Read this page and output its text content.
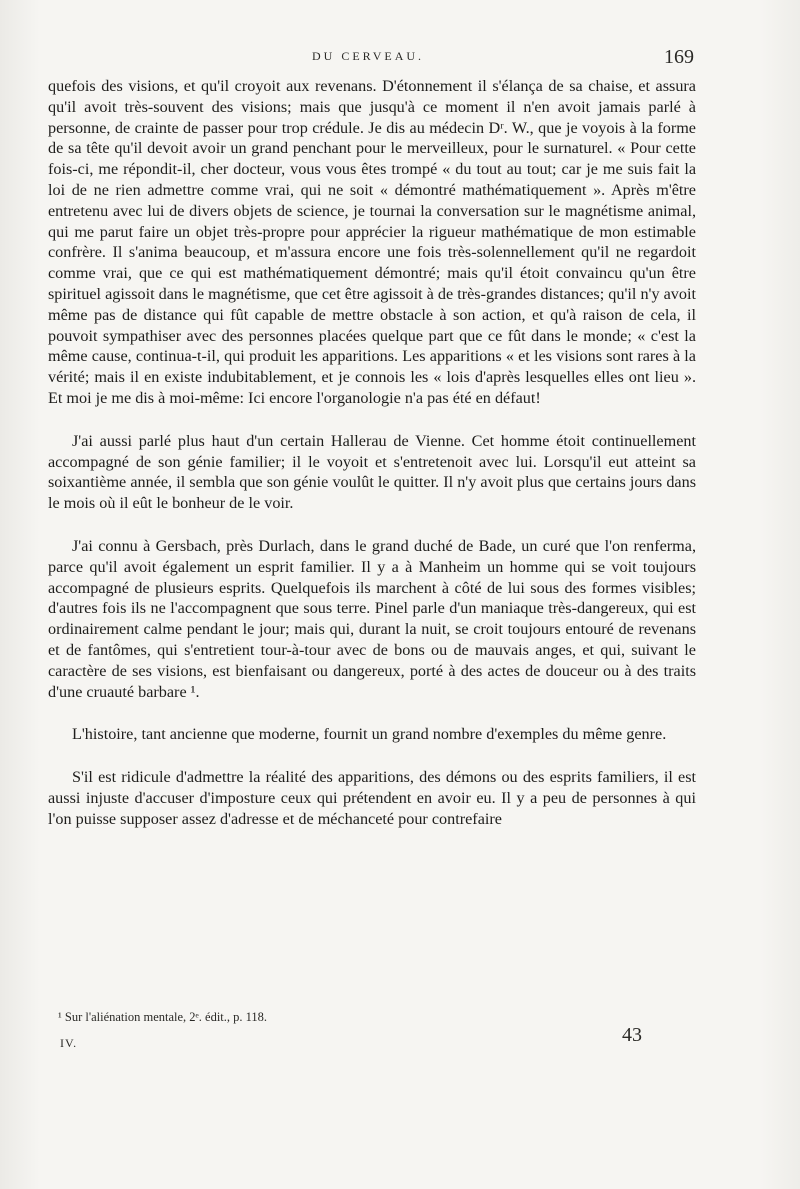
DU CERVEAU.	169

quefois des visions, et qu'il croyoit aux revenans. D'étonnement il s'élança de sa chaise, et assura qu'il avoit très-souvent des visions; mais que jusqu'à ce moment il n'en avoit jamais parlé à personne, de crainte de passer pour trop crédule. Je dis au médecin Dʳ. W., que je voyois à la forme de sa tête qu'il devoit avoir un grand penchant pour le merveilleux, pour le surnaturel. « Pour cette fois-ci, me répondit-il, cher docteur, vous vous êtes trompé « du tout au tout; car je me suis fait la loi de ne rien admettre comme vrai, qui ne soit « démontré mathématiquement ». Après m'être entretenu avec lui de divers objets de science, je tournai la conversation sur le magnétisme animal, qui me parut faire un objet très-propre pour apprécier la rigueur mathématique de mon estimable confrère. Il s'anima beaucoup, et m'assura encore une fois très-solennellement qu'il ne regardoit comme vrai, que ce qui est mathématiquement démontré; mais qu'il étoit convaincu qu'un être spirituel agissoit dans le magnétisme, que cet être agissoit à de très-grandes distances; qu'il n'y avoit même pas de distance qui fût capable de mettre obstacle à son action, et qu'à raison de cela, il pouvoit sympathiser avec des personnes placées quelque part que ce fût dans le monde; « c'est la même cause, continua-t-il, qui produit les apparitions. Les apparitions « et les visions sont rares à la vérité; mais il en existe indubitablement, et je connois les « lois d'après lesquelles elles ont lieu ». Et moi je me dis à moi-même: Ici encore l'organologie n'a pas été en défaut!

J'ai aussi parlé plus haut d'un certain Hallerau de Vienne. Cet homme étoit continuellement accompagné de son génie familier; il le voyoit et s'entretenoit avec lui. Lorsqu'il eut atteint sa soixantième année, il sembla que son génie voulût le quitter. Il n'y avoit plus que certains jours dans le mois où il eût le bonheur de le voir.

J'ai connu à Gersbach, près Durlach, dans le grand duché de Bade, un curé que l'on renferma, parce qu'il avoit également un esprit familier. Il y a à Manheim un homme qui se voit toujours accompagné de plusieurs esprits. Quelquefois ils marchent à côté de lui sous des formes visibles; d'autres fois ils ne l'accompagnent que sous terre. Pinel parle d'un maniaque très-dangereux, qui est ordinairement calme pendant le jour; mais qui, durant la nuit, se croit toujours entouré de revenans et de fantômes, qui s'entretient tour-à-tour avec de bons ou de mauvais anges, et qui, suivant le caractère de ses visions, est bienfaisant ou dangereux, porté à des actes de douceur ou à des traits d'une cruauté barbare ¹.

L'histoire, tant ancienne que moderne, fournit un grand nombre d'exemples du même genre.

S'il est ridicule d'admettre la réalité des apparitions, des démons ou des esprits familiers, il est aussi injuste d'accuser d'imposture ceux qui prétendent en avoir eu. Il y a peu de personnes à qui l'on puisse supposer assez d'adresse et de méchanceté pour contrefaire

¹ Sur l'aliénation mentale, 2ᵉ. édit., p. 118.
IV.	43
